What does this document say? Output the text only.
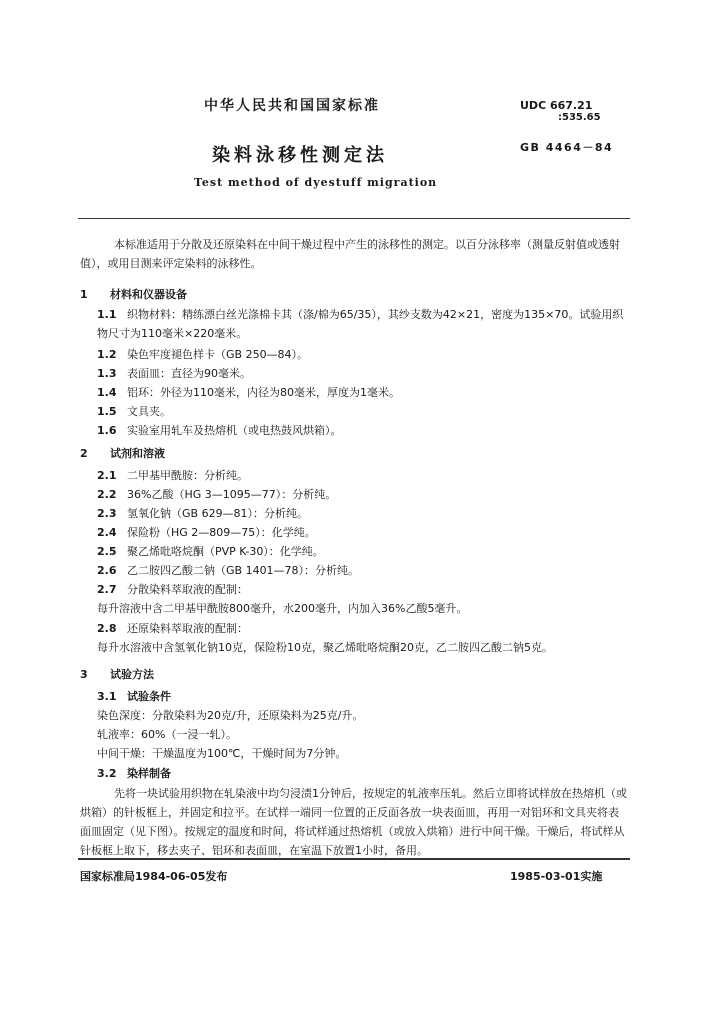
中华人民共和国国家标准	UDC 667.21
:535.65
染料泳移性测定法	GB 4464－84
Test method of dyestuff migration
本标准适用于分散及还原染料在中间干燥过程中产生的泳移性的测定。以百分泳移率（测量反射值或透射值），或用目测来评定染料的泳移性。
1 材料和仪器设备
1.1 织物材料：精练漂白丝光涤棉卡其（涤/棉为65/35），其纱支数为42×21，密度为135×70。试验用织物尺寸为110毫米×220毫米。
1.2 染色牢度褪色样卡（GB 250—84）。
1.3 表面皿：直径为90毫米。
1.4 铝环：外径为110毫米，内径为80毫米，厚度为1毫米。
1.5 文具夹。
1.6 实验室用轧车及热熔机（或电热鼓风烘箱）。
2 试剂和溶液
2.1 二甲基甲酰胺：分析纯。
2.2 36%乙酸（HG 3—1095—77）：分析纯。
2.3 氢氧化钠（GB 629—81）：分析纯。
2.4 保险粉（HG 2—809—75）：化学纯。
2.5 聚乙烯吡咯烷酮（PVP K-30）：化学纯。
2.6 乙二胺四乙酸二钠（GB 1401—78）：分析纯。
2.7 分散染料萃取液的配制：
每升溶液中含二甲基甲酰胺800毫升，水200毫升，内加入36%乙酸5毫升。
2.8 还原染料萃取液的配制：
每升水溶液中含氢氧化钠10克，保险粉10克，聚乙烯吡咯烷酮20克，乙二胺四乙酸二钠5克。
3 试验方法
3.1 试验条件
染色深度：分散染料为20克/升，还原染料为25克/升。
轧液率：60%（一浸一轧）。
中间干燥：干燥温度为100℃，干燥时间为7分钟。
3.2 染样制备
先将一块试验用织物在轧染液中均匀浸渍1分钟后，按规定的轧液率压轧。然后立即将试样放在热熔机（或烘箱）的针板框上，并固定和拉平。在试样一端同一位置的正反面各放一块表面皿，再用一对铝环和文具夹将表面皿固定（见下图）。按规定的温度和时间，将试样通过热熔机（或放入烘箱）进行中间干燥。干燥后，将试样从针板框上取下，移去夹子、铝环和表面皿，在室温下放置1小时，备用。
国家标准局1984-06-05发布	1985-03-01实施
